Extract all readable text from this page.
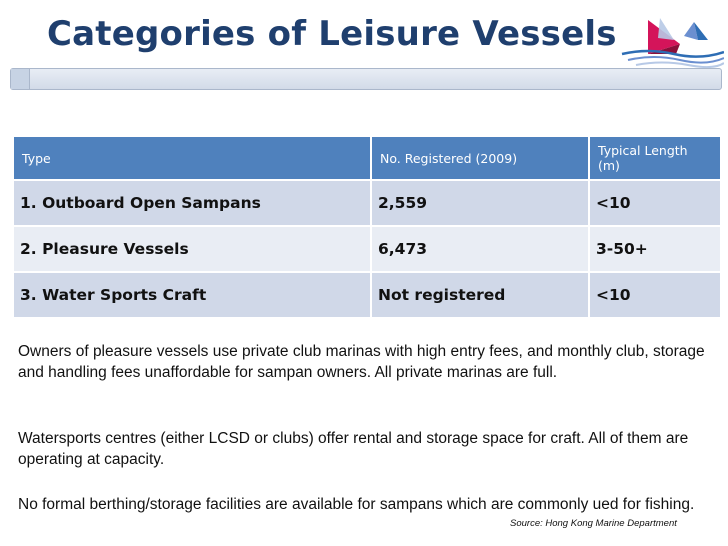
Categories of Leisure Vessels
Type	No. Registered (2009)	Typical Length (m)
1. Outboard Open Sampans	2,559	<10
2. Pleasure Vessels	6,473	3-50+
3. Water Sports Craft	Not registered	<10
Owners of pleasure vessels use private club marinas with high entry fees, and monthly club, storage and handling fees unaffordable for sampan owners. All private marinas are full.
Watersports centres (either LCSD or clubs) offer rental and storage space for craft. All of them are operating at capacity.
No formal berthing/storage facilities are available for sampans which are commonly ued for fishing.
Source: Hong Kong Marine Department
